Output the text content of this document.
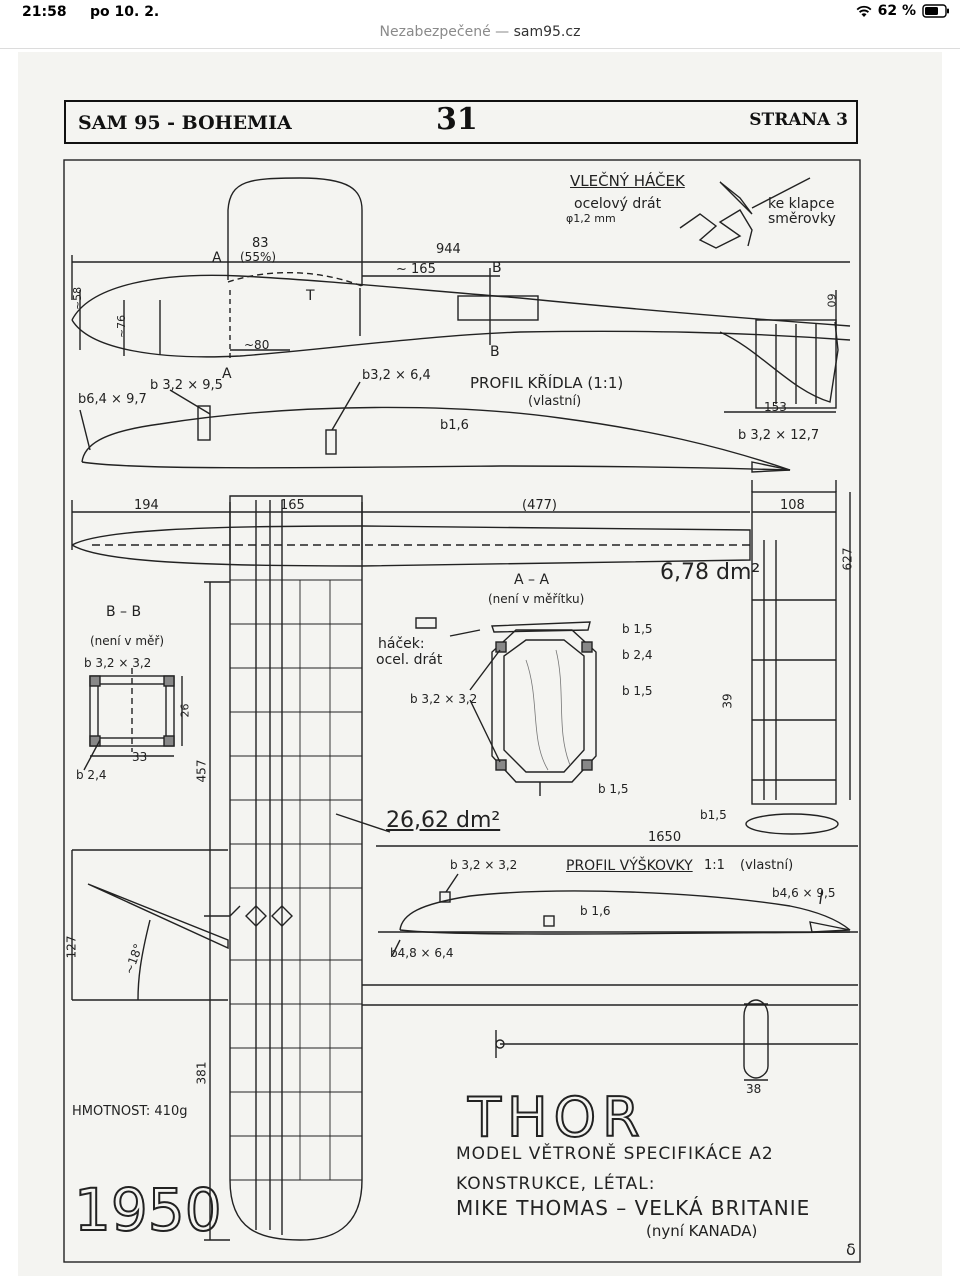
21:58 po 10. 2.	62 %
Nezabezpečené — sam95.cz
SAM 95 - BOHEMIA	31	STRANA 3
VLEČNÝ HÁČEK
ocelový drát
φ1,2 mm
ke klapce
směrovky
83
(55%)	944
~ 165
~58
~76
~80
60
153
A
A
B
B
T
PROFIL KŘÍDLA (1:1)
(vlastní)
b 3,2 × 9,5
b3,2 × 6,4
b6,4 × 9,7
b1,6
b 3,2 × 12,7
194	165	(477)	108
627
39
457
381
1650
127	~18°
38
B – B
(není v měř)
b 3,2 × 3,2
26
33
b 2,4
A – A
(není v měřítku)
háček:
ocel. drát
b 1,5
b 2,4
b 1,5
b 3,2 × 3,2
b 1,5
6,78 dm²
26,62 dm²
PROFIL VÝŠKOVKY 1:1 (vlastní)
b 3,2 × 3,2
b 1,6
b4,6 × 9,5
b4,8 × 6,4
b1,5
THOR
MODEL VĚTRONĚ SPECIFIKÁCE A2
KONSTRUKCE, LÉTAL:
MIKE THOMAS – VELKÁ BRITANIE
(nyní KANADA)
HMOTNOST: 410g
1950
δ
